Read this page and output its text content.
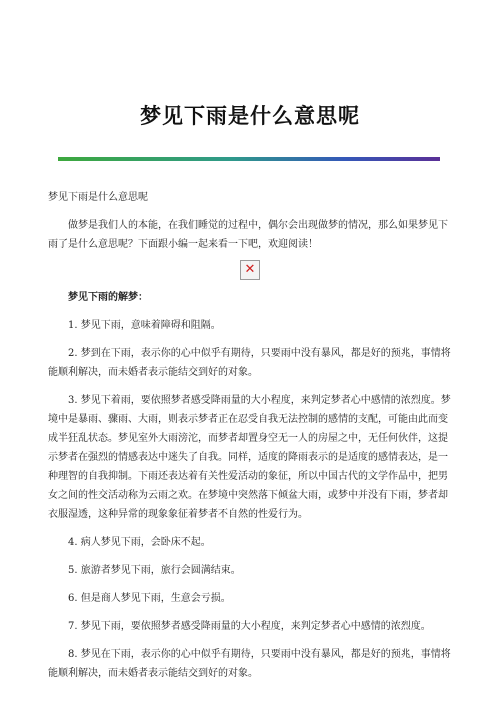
梦见下雨是什么意思呢

梦见下雨是什么意思呢

做梦是我们人的本能，在我们睡觉的过程中，偶尔会出现做梦的情况，那么如果梦见下雨了是什么意思呢？下面跟小编一起来看一下吧，欢迎阅读！

✕

梦见下雨的解梦：

1. 梦见下雨，意味着障碍和阻隔。

2. 梦到在下雨，表示你的心中似乎有期待，只要雨中没有暴风，都是好的预兆，事情将能顺利解决，而未婚者表示能结交到好的对象。

3. 梦见下着雨，要依照梦者感受降雨量的大小程度，来判定梦者心中感情的浓烈度。梦境中是暴雨、骤雨、大雨，则表示梦者正在忍受自我无法控制的感情的支配，可能由此而变成半狂乱状态。梦见室外大雨滂沱，而梦者却置身空无一人的房屋之中，无任何伙伴，这提示梦者在强烈的情感表达中迷失了自我。同样，适度的降雨表示的是适度的感情表达，是一种理智的自我抑制。下雨还表达着有关性爱活动的象征，所以中国古代的文学作品中，把男女之间的性交活动称为云雨之欢。在梦境中突然落下倾盆大雨，或梦中并没有下雨，梦者却衣服湿透，这种异常的现象象征着梦者不自然的性爱行为。

4. 病人梦见下雨，会卧床不起。

5. 旅游者梦见下雨，旅行会圆满结束。

6. 但是商人梦见下雨，生意会亏损。

7. 梦见下雨，要依照梦者感受降雨量的大小程度，来判定梦者心中感情的浓烈度。

8. 梦见在下雨，表示你的心中似乎有期待，只要雨中没有暴风，都是好的预兆，事情将能顺利解决，而未婚者表示能结交到好的对象。
